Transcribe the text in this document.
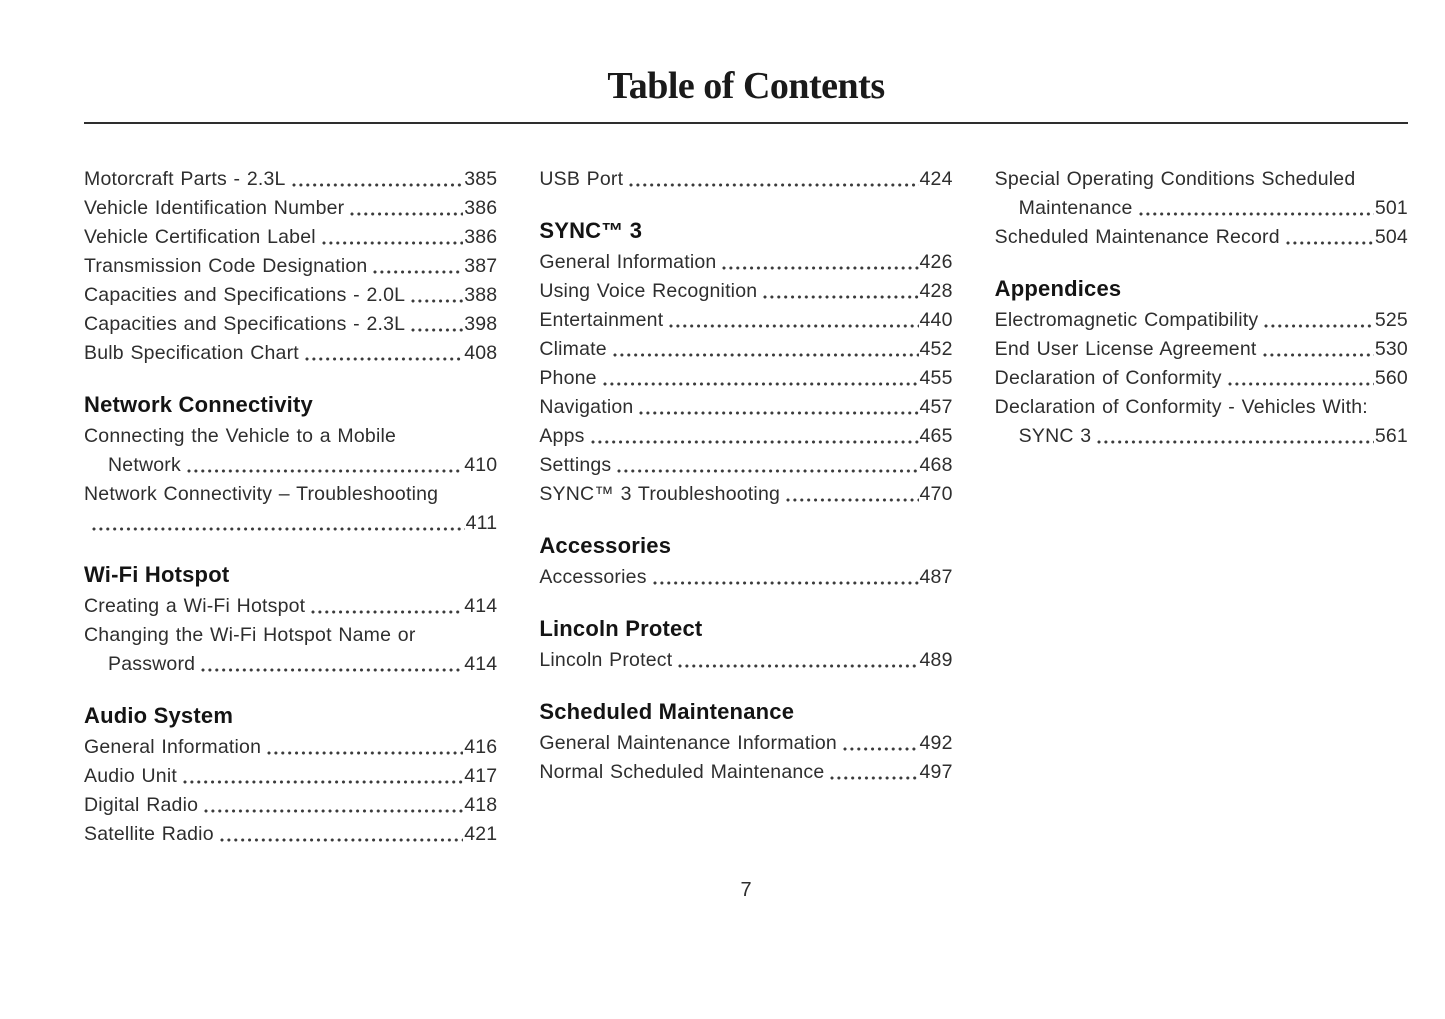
Table of Contents
Motorcraft Parts - 2.3L	385
Vehicle Identification Number	386
Vehicle Certification Label	386
Transmission Code Designation	387
Capacities and Specifications - 2.0L	388
Capacities and Specifications - 2.3L	398
Bulb Specification Chart	408
Network Connectivity
Connecting the Vehicle to a Mobile
Network	410
Network Connectivity – Troubleshooting
411
Wi-Fi Hotspot
Creating a Wi-Fi Hotspot	414
Changing the Wi-Fi Hotspot Name or
Password	414
Audio System
General Information	416
Audio Unit	417
Digital Radio	418
Satellite Radio	421
USB Port	424
SYNC™ 3
General Information	426
Using Voice Recognition	428
Entertainment	440
Climate	452
Phone	455
Navigation	457
Apps	465
Settings	468
SYNC™ 3 Troubleshooting	470
Accessories
Accessories	487
Lincoln Protect
Lincoln Protect	489
Scheduled Maintenance
General Maintenance Information	492
Normal Scheduled Maintenance	497
Special Operating Conditions Scheduled
Maintenance	501
Scheduled Maintenance Record	504
Appendices
Electromagnetic Compatibility	525
End User License Agreement	530
Declaration of Conformity	560
Declaration of Conformity - Vehicles With:
SYNC 3	561
7
